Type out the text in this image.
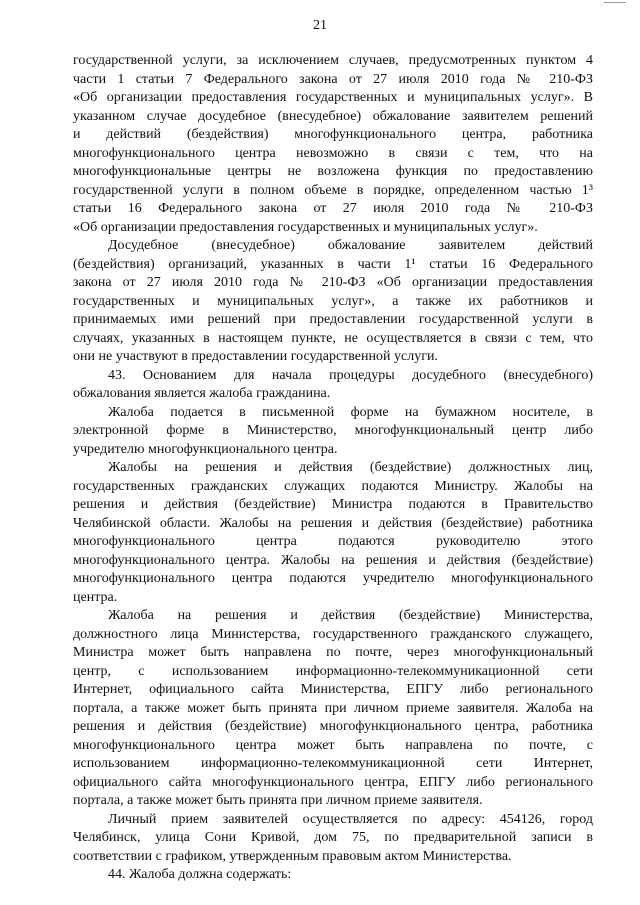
21
государственной услуги, за исключением случаев, предусмотренных пунктом 4
части 1 статьи 7 Федерального закона от 27 июля 2010 года № 210-ФЗ
«Об организации предоставления государственных и муниципальных услуг». В
указанном случае досудебное (внесудебное) обжалование заявителем решений
и действий (бездействия) многофункционального центра, работника
многофункционального центра невозможно в связи с тем, что на
многофункциональные центры не возложена функция по предоставлению
государственной услуги в полном объеме в порядке, определенном частью 1³
статьи 16 Федерального закона от 27 июля 2010 года № 210-ФЗ
«Об организации предоставления государственных и муниципальных услуг».
Досудебное (внесудебное) обжалование заявителем действий
(бездействия) организаций, указанных в части 1¹ статьи 16 Федерального
закона от 27 июля 2010 года № 210-ФЗ «Об организации предоставления
государственных и муниципальных услуг», а также их работников и
принимаемых ими решений при предоставлении государственной услуги в
случаях, указанных в настоящем пункте, не осуществляется в связи с тем, что
они не участвуют в предоставлении государственной услуги.
43. Основанием для начала процедуры досудебного (внесудебного)
обжалования является жалоба гражданина.
Жалоба подается в письменной форме на бумажном носителе, в
электронной форме в Министерство, многофункциональный центр либо
учредителю многофункционального центра.
Жалобы на решения и действия (бездействие) должностных лиц,
государственных гражданских служащих подаются Министру. Жалобы на
решения и действия (бездействие) Министра подаются в Правительство
Челябинской области. Жалобы на решения и действия (бездействие) работника
многофункционального центра подаются руководителю этого
многофункционального центра. Жалобы на решения и действия (бездействие)
многофункционального центра подаются учредителю многофункционального
центра.
Жалоба на решения и действия (бездействие) Министерства,
должностного лица Министерства, государственного гражданского служащего,
Министра может быть направлена по почте, через многофункциональный
центр, с использованием информационно-телекоммуникационной сети
Интернет, официального сайта Министерства, ЕПГУ либо регионального
портала, а также может быть принята при личном приеме заявителя. Жалоба на
решения и действия (бездействие) многофункционального центра, работника
многофункционального центра может быть направлена по почте, с
использованием информационно-телекоммуникационной сети Интернет,
официального сайта многофункционального центра, ЕПГУ либо регионального
портала, а также может быть принята при личном приеме заявителя.
Личный прием заявителей осуществляется по адресу: 454126, город
Челябинск, улица Сони Кривой, дом 75, по предварительной записи в
соответствии с графиком, утвержденным правовым актом Министерства.
44. Жалоба должна содержать:
